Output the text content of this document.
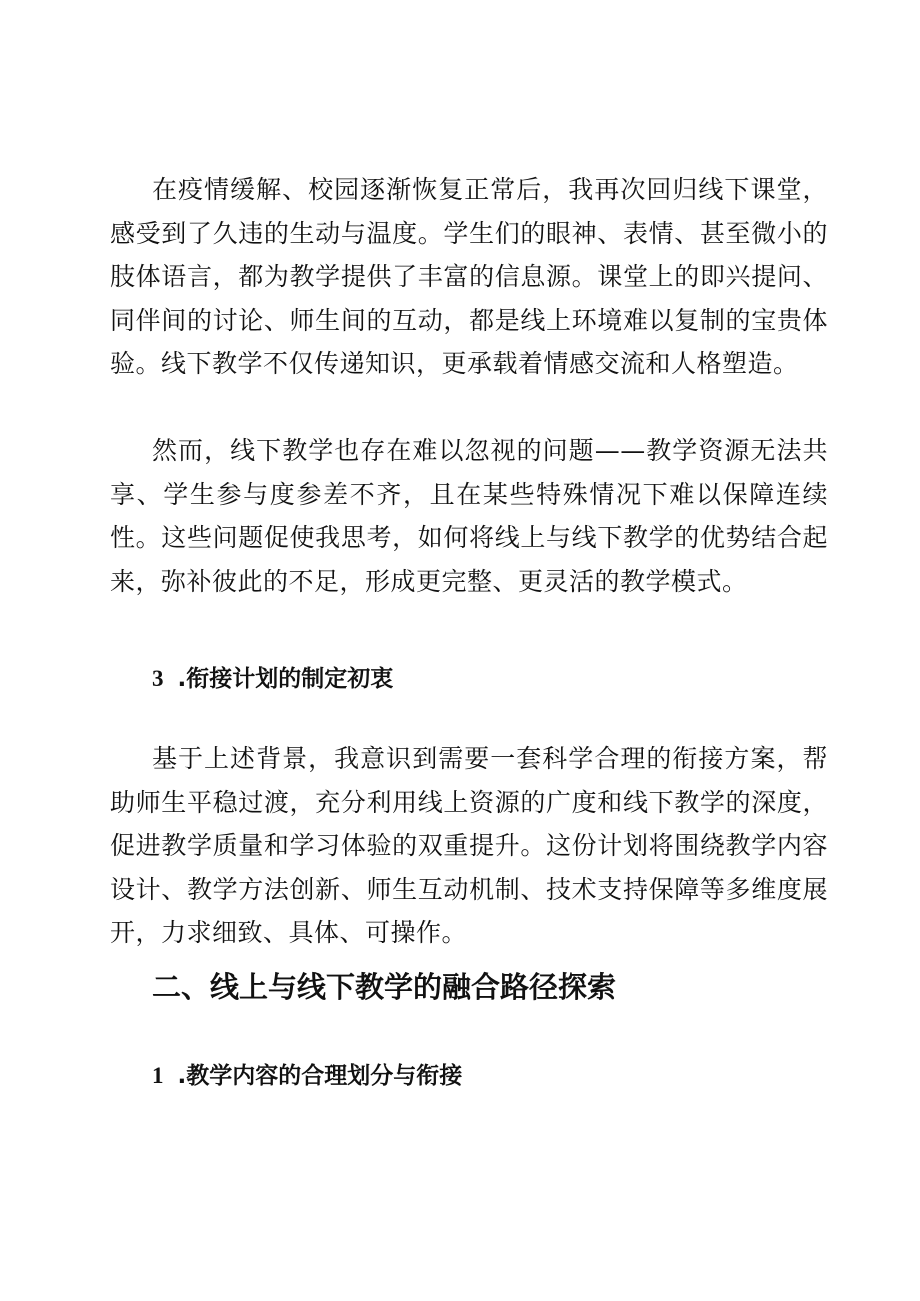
在疫情缓解、校园逐渐恢复正常后，我再次回归线下课堂，感受到了久违的生动与温度。学生们的眼神、表情、甚至微小的肢体语言，都为教学提供了丰富的信息源。课堂上的即兴提问、同伴间的讨论、师生间的互动，都是线上环境难以复制的宝贵体验。线下教学不仅传递知识，更承载着情感交流和人格塑造。

然而，线下教学也存在难以忽视的问题——教学资源无法共享、学生参与度参差不齐，且在某些特殊情况下难以保障连续性。这些问题促使我思考，如何将线上与线下教学的优势结合起来，弥补彼此的不足，形成更完整、更灵活的教学模式。

3 .衔接计划的制定初衷

基于上述背景，我意识到需要一套科学合理的衔接方案，帮助师生平稳过渡，充分利用线上资源的广度和线下教学的深度，促进教学质量和学习体验的双重提升。这份计划将围绕教学内容设计、教学方法创新、师生互动机制、技术支持保障等多维度展开，力求细致、具体、可操作。

二、线上与线下教学的融合路径探索
1 .教学内容的合理划分与衔接
